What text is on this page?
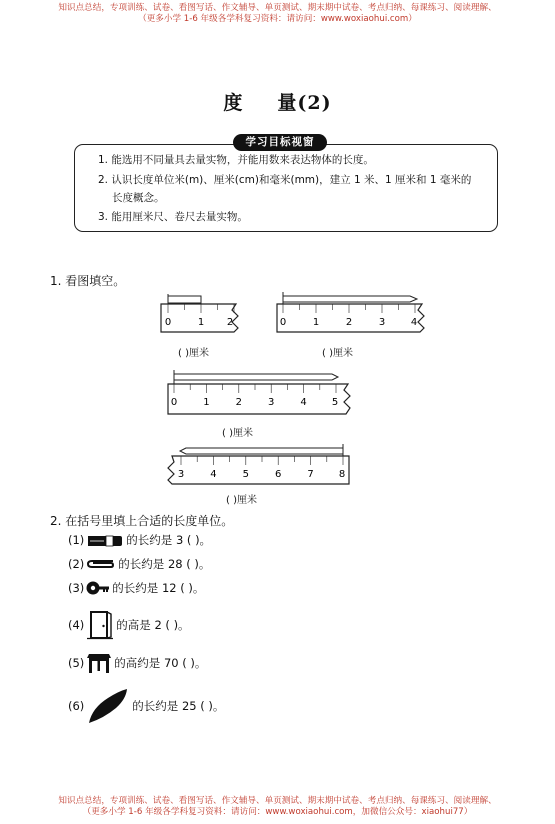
知识点总结，专项训练、试卷、看图写话、作文辅导、单页测试、期末期中试卷、考点归纳、每课练习、阅读理解、
（更多小学 1-6 年级各学科复习资料：请访问：www.woxiaohui.com）
度 量(2)
学习目标视窗
1. 能选用不同量具去量实物，并能用数来表达物体的长度。
2. 认识长度单位米(m)、厘米(cm)和毫米(mm)，建立 1 米、1 厘米和 1 毫米的
长度概念。
3. 能用厘米尺、卷尺去量实物。
1. 看图填空。
0	1 2
( )厘米
0	1	2	3	4
( )厘米
0	1	2	3	4	5
( )厘米
3	4	5	6	7	8
( )厘米
2. 在括号里填上合适的长度单位。
(1)	的长约是 3 ( )。
(2)	的长约是 28 ( )。
(3) 的长约是 12 ( )。
(4)	的高是 2 ( )。
(5)	的高约是 70 ( )。
(6)	的长约是 25 ( )。
知识点总结，专项训练、试卷、看图写话、作文辅导、单页测试、期末期中试卷、考点归纳、每课练习、阅读理解、
（更多小学 1-6 年级各学科复习资料：请访问：www.woxiaohui.com，加微信公众号：xiaohui77）
